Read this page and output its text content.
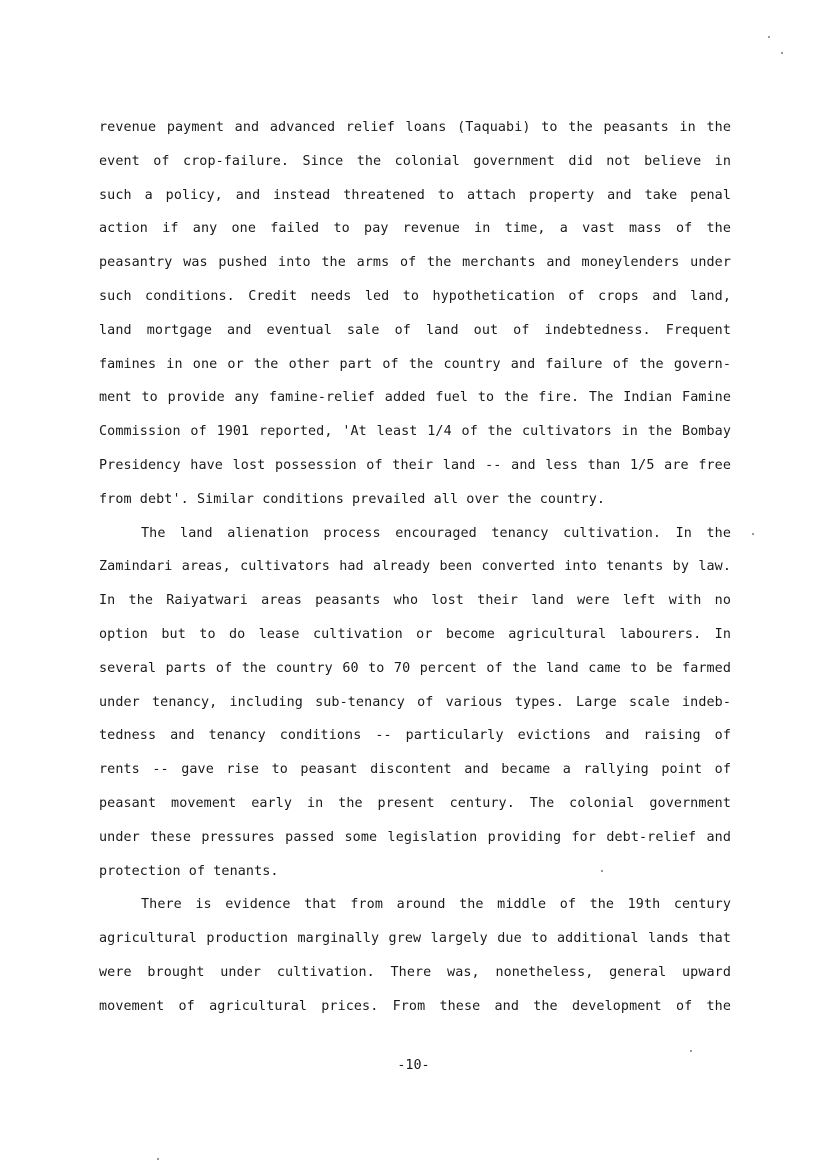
revenue payment and advanced relief loans (Taquabi) to the peasants in the
event of crop-failure. Since the colonial government did not believe in
such a policy, and instead threatened to attach property and take penal
action if any one failed to pay revenue in time, a vast mass of the
peasantry was pushed into the arms of the merchants and moneylenders under
such conditions. Credit needs led to hypothetication of crops and land,
land mortgage and eventual sale of land out of indebtedness. Frequent
famines in one or the other part of the country and failure of the govern-
ment to provide any famine-relief added fuel to the fire. The Indian Famine
Commission of 1901 reported, 'At least 1/4 of the cultivators in the Bombay
Presidency have lost possession of their land -- and less than 1/5 are free
from debt'. Similar conditions prevailed all over the country.
The land alienation process encouraged tenancy cultivation. In the
Zamindari areas, cultivators had already been converted into tenants by law.
In the Raiyatwari areas peasants who lost their land were left with no
option but to do lease cultivation or become agricultural labourers. In
several parts of the country 60 to 70 percent of the land came to be farmed
under tenancy, including sub-tenancy of various types. Large scale indeb-
tedness and tenancy conditions -- particularly evictions and raising of
rents -- gave rise to peasant discontent and became a rallying point of
peasant movement early in the present century. The colonial government
under these pressures passed some legislation providing for debt-relief and
protection of tenants.
There is evidence that from around the middle of the 19th century
agricultural production marginally grew largely due to additional lands that
were brought under cultivation. There was, nonetheless, general upward
movement of agricultural prices. From these and the development of the
-10-
